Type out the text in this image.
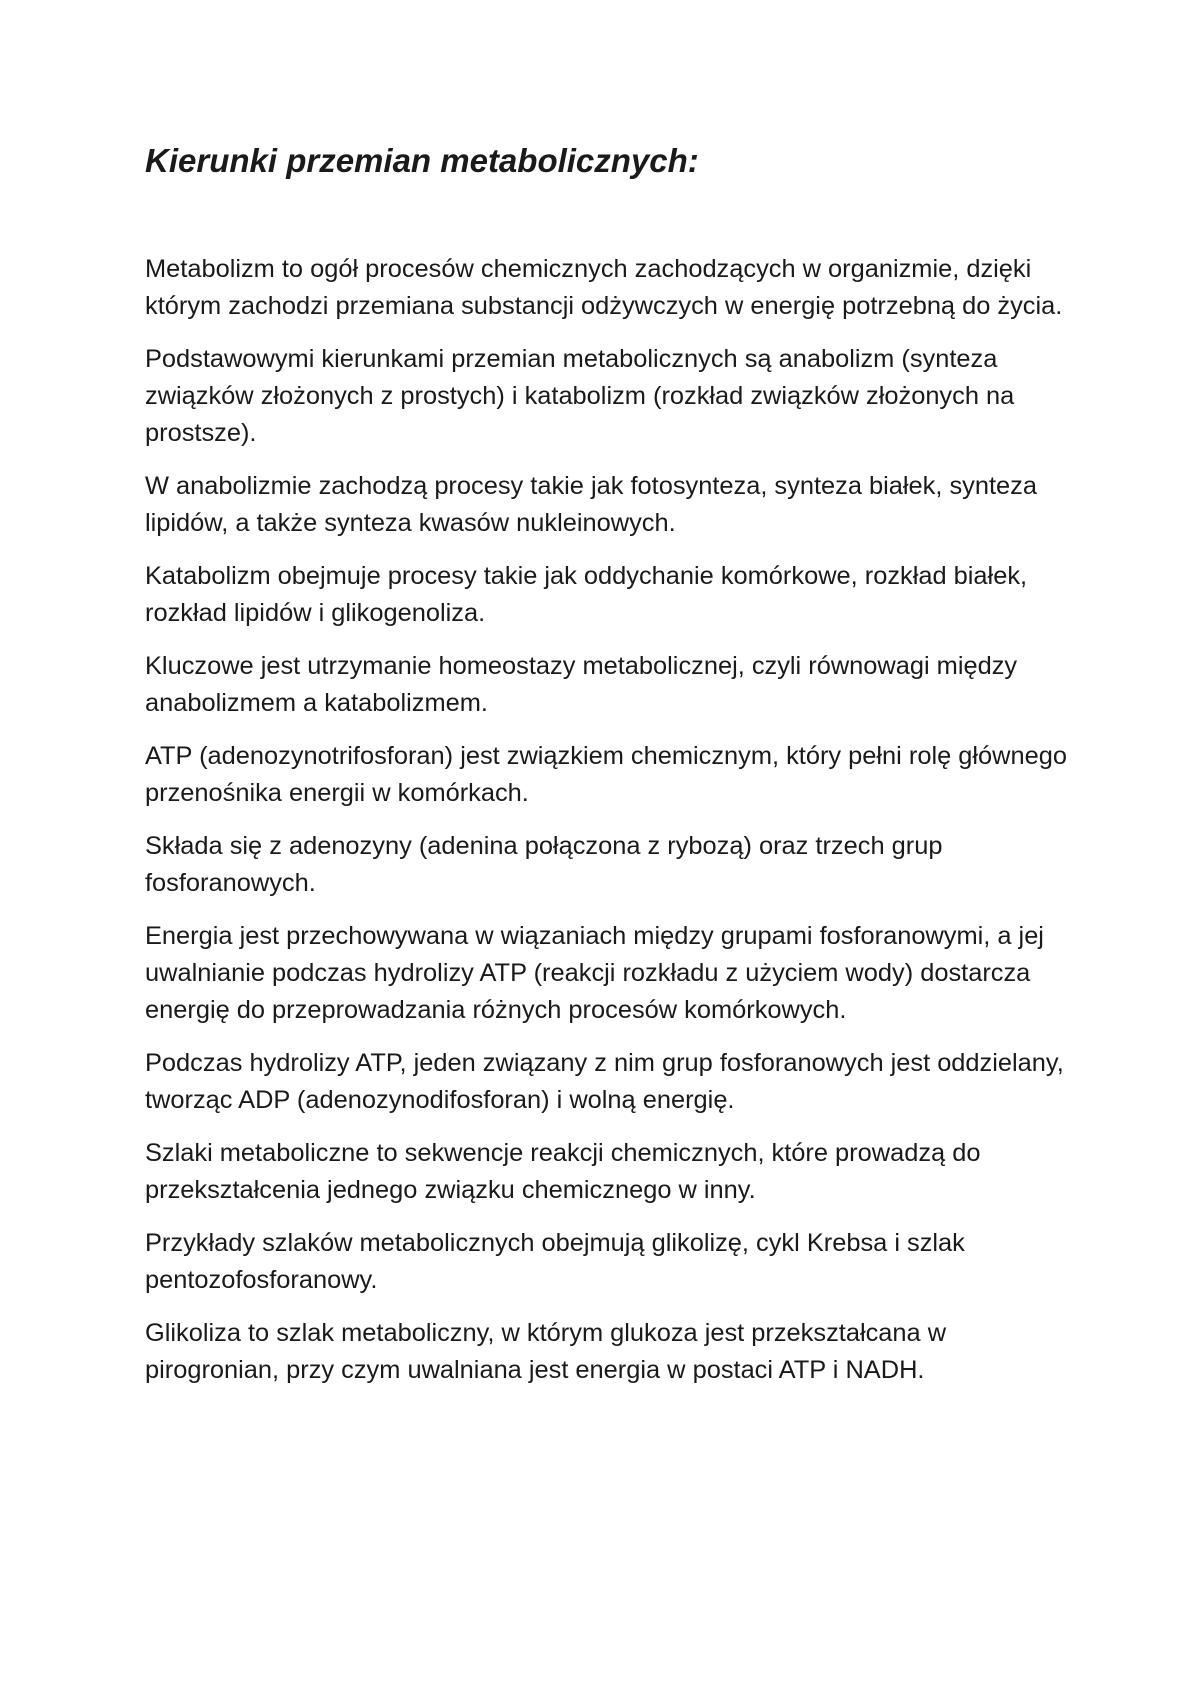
Kierunki przemian metabolicznych:

Metabolizm to ogół procesów chemicznych zachodzących w organizmie, dzięki którym zachodzi przemiana substancji odżywczych w energię potrzebną do życia.

Podstawowymi kierunkami przemian metabolicznych są anabolizm (synteza związków złożonych z prostych) i katabolizm (rozkład związków złożonych na prostsze).

W anabolizmie zachodzą procesy takie jak fotosynteza, synteza białek, synteza lipidów, a także synteza kwasów nukleinowych.

Katabolizm obejmuje procesy takie jak oddychanie komórkowe, rozkład białek, rozkład lipidów i glikogenoliza.

Kluczowe jest utrzymanie homeostazy metabolicznej, czyli równowagi między anabolizmem a katabolizmem.

ATP (adenozynotrifosforan) jest związkiem chemicznym, który pełni rolę głównego przenośnika energii w komórkach.

Składa się z adenozyny (adenina połączona z rybozą) oraz trzech grup fosforanowych.

Energia jest przechowywana w wiązaniach między grupami fosforanowymi, a jej uwalnianie podczas hydrolizy ATP (reakcji rozkładu z użyciem wody) dostarcza energię do przeprowadzania różnych procesów komórkowych.

Podczas hydrolizy ATP, jeden związany z nim grup fosforanowych jest oddzielany, tworząc ADP (adenozynodifosforan) i wolną energię.

Szlaki metaboliczne to sekwencje reakcji chemicznych, które prowadzą do przekształcenia jednego związku chemicznego w inny.

Przykłady szlaków metabolicznych obejmują glikolizę, cykl Krebsa i szlak pentozofosforanowy.

Glikoliza to szlak metaboliczny, w którym glukoza jest przekształcana w pirogronian, przy czym uwalniana jest energia w postaci ATP i NADH.
